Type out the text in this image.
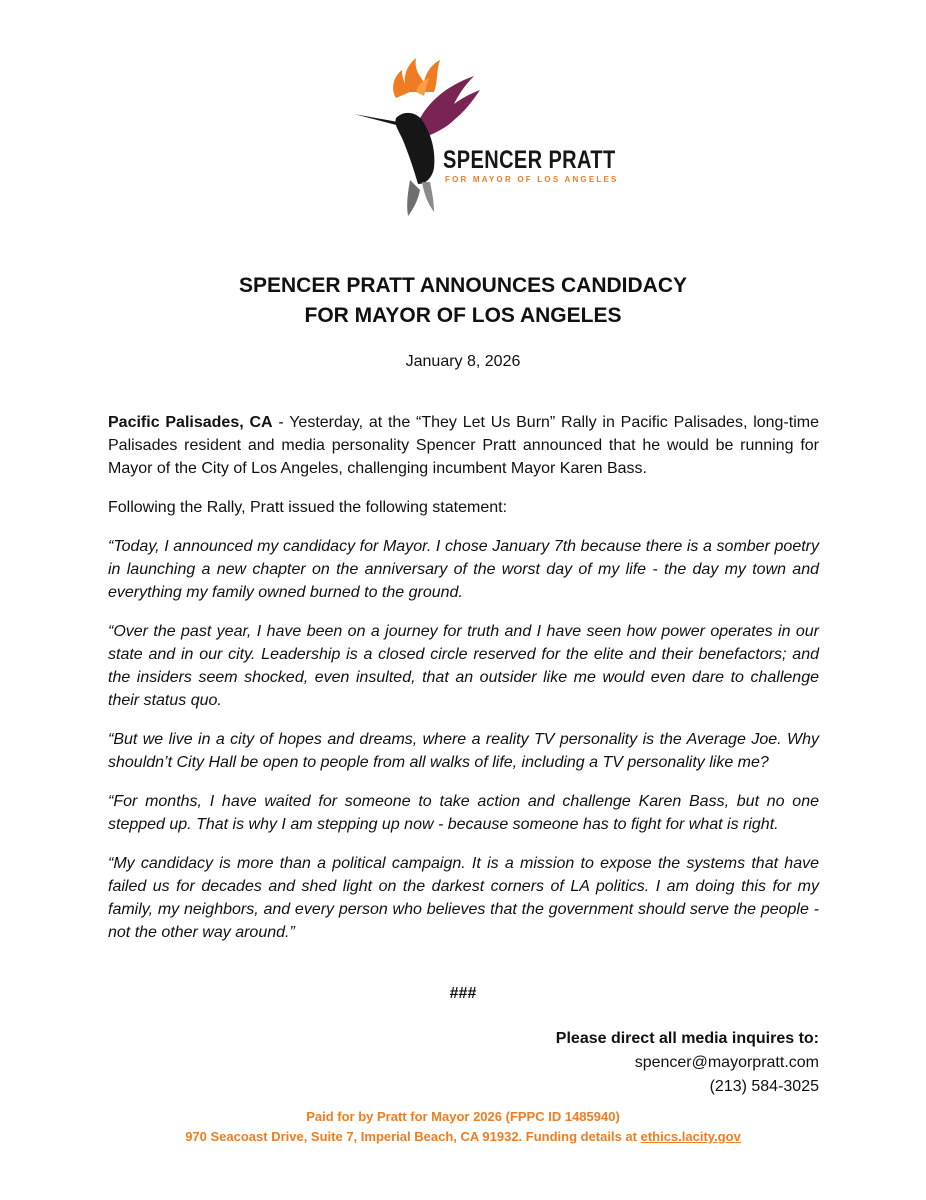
SPENCER PRATT
FOR MAYOR OF LOS ANGELES
SPENCER PRATT ANNOUNCES CANDIDACY
FOR MAYOR OF LOS ANGELES
January 8, 2026

Pacific Palisades, CA - Yesterday, at the “They Let Us Burn” Rally in Pacific Palisades, long-time Palisades resident and media personality Spencer Pratt announced that he would be running for Mayor of the City of Los Angeles, challenging incumbent Mayor Karen Bass.

Following the Rally, Pratt issued the following statement:

“Today, I announced my candidacy for Mayor. I chose January 7th because there is a somber poetry in launching a new chapter on the anniversary of the worst day of my life - the day my town and everything my family owned burned to the ground.

“Over the past year, I have been on a journey for truth and I have seen how power operates in our state and in our city. Leadership is a closed circle reserved for the elite and their benefactors; and the insiders seem shocked, even insulted, that an outsider like me would even dare to challenge their status quo.

“But we live in a city of hopes and dreams, where a reality TV personality is the Average Joe. Why shouldn’t City Hall be open to people from all walks of life, including a TV personality like me?

“For months, I have waited for someone to take action and challenge Karen Bass, but no one stepped up. That is why I am stepping up now - because someone has to fight for what is right.

“My candidacy is more than a political campaign. It is a mission to expose the systems that have failed us for decades and shed light on the darkest corners of LA politics. I am doing this for my family, my neighbors, and every person who believes that the government should serve the people - not the other way around.”

###
Please direct all media inquires to:
spencer@mayorpratt.com
(213) 584-3025
Paid for by Pratt for Mayor 2026 (FPPC ID 1485940)
970 Seacoast Drive, Suite 7, Imperial Beach, CA 91932. Funding details at ethics.lacity.gov
